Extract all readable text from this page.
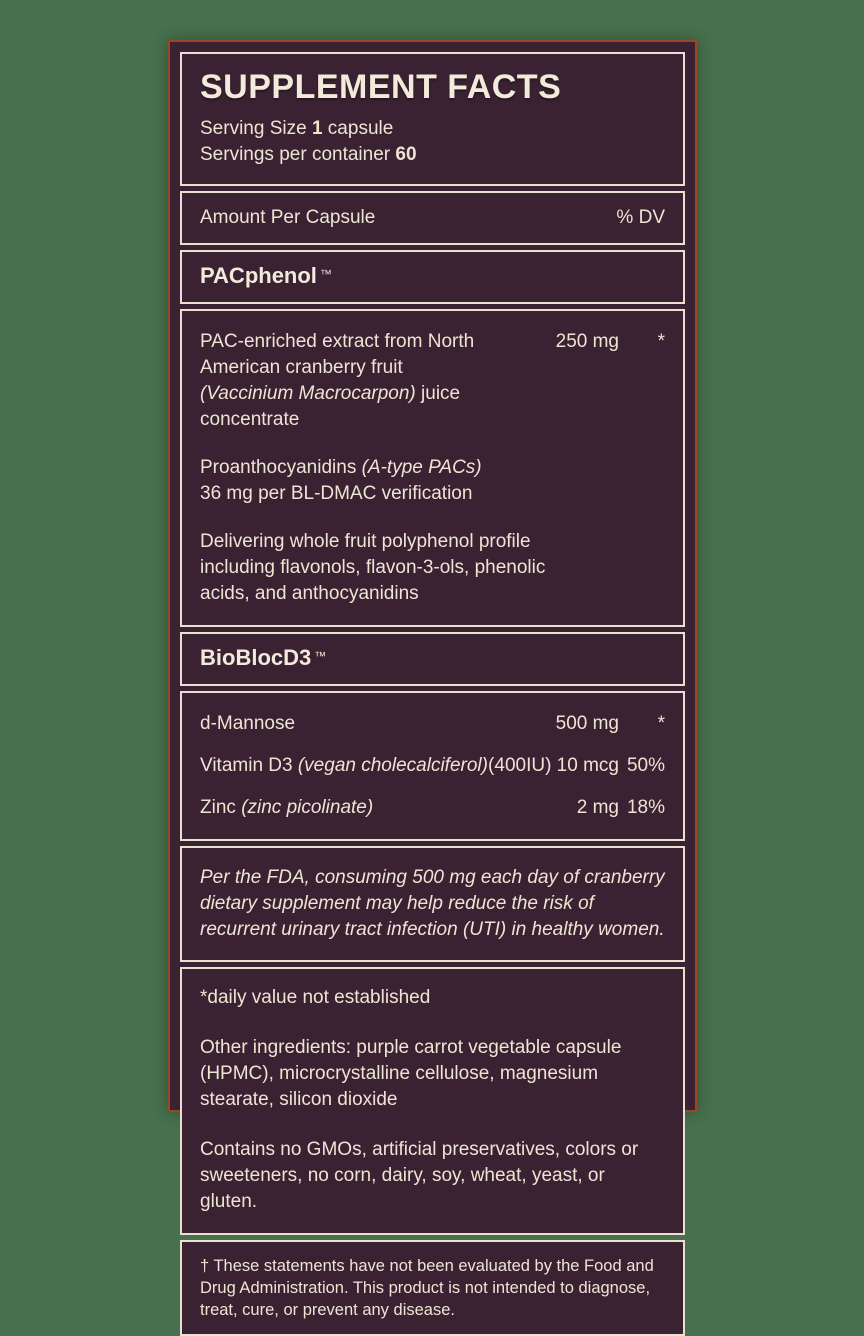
SUPPLEMENT FACTS

Serving Size 1 capsule

Servings per container 60

Amount Per Capsule	% DV
PACphenol ™
PAC-enriched extract from North American cranberry fruit (Vaccinium Macrocarpon) juice concentrate
250 mg	*
Proanthocyanidins (A-type PACs)
36 mg per BL-DMAC verification
Delivering whole fruit polyphenol profile including flavonols, flavon-3-ols, phenolic acids, and anthocyanidins
BioBlocD3 ™
d-Mannose	500 mg	*
Vitamin D3 (vegan cholecalciferol) (400IU) 10 mcg 50%
Zinc (zinc picolinate)	2 mg 18%

Per the FDA, consuming 500 mg each day of cranberry dietary supplement may help reduce the risk of recurrent urinary tract infection (UTI) in healthy women.

*daily value not established

Other ingredients: purple carrot vegetable capsule (HPMC), microcrystalline cellulose, magnesium stearate, silicon dioxide

Contains no GMOs, artificial preservatives, colors or sweeteners, no corn, dairy, soy, wheat, yeast, or gluten.

† These statements have not been evaluated by the Food and Drug Administration. This product is not intended to diagnose, treat, cure, or prevent any disease.
